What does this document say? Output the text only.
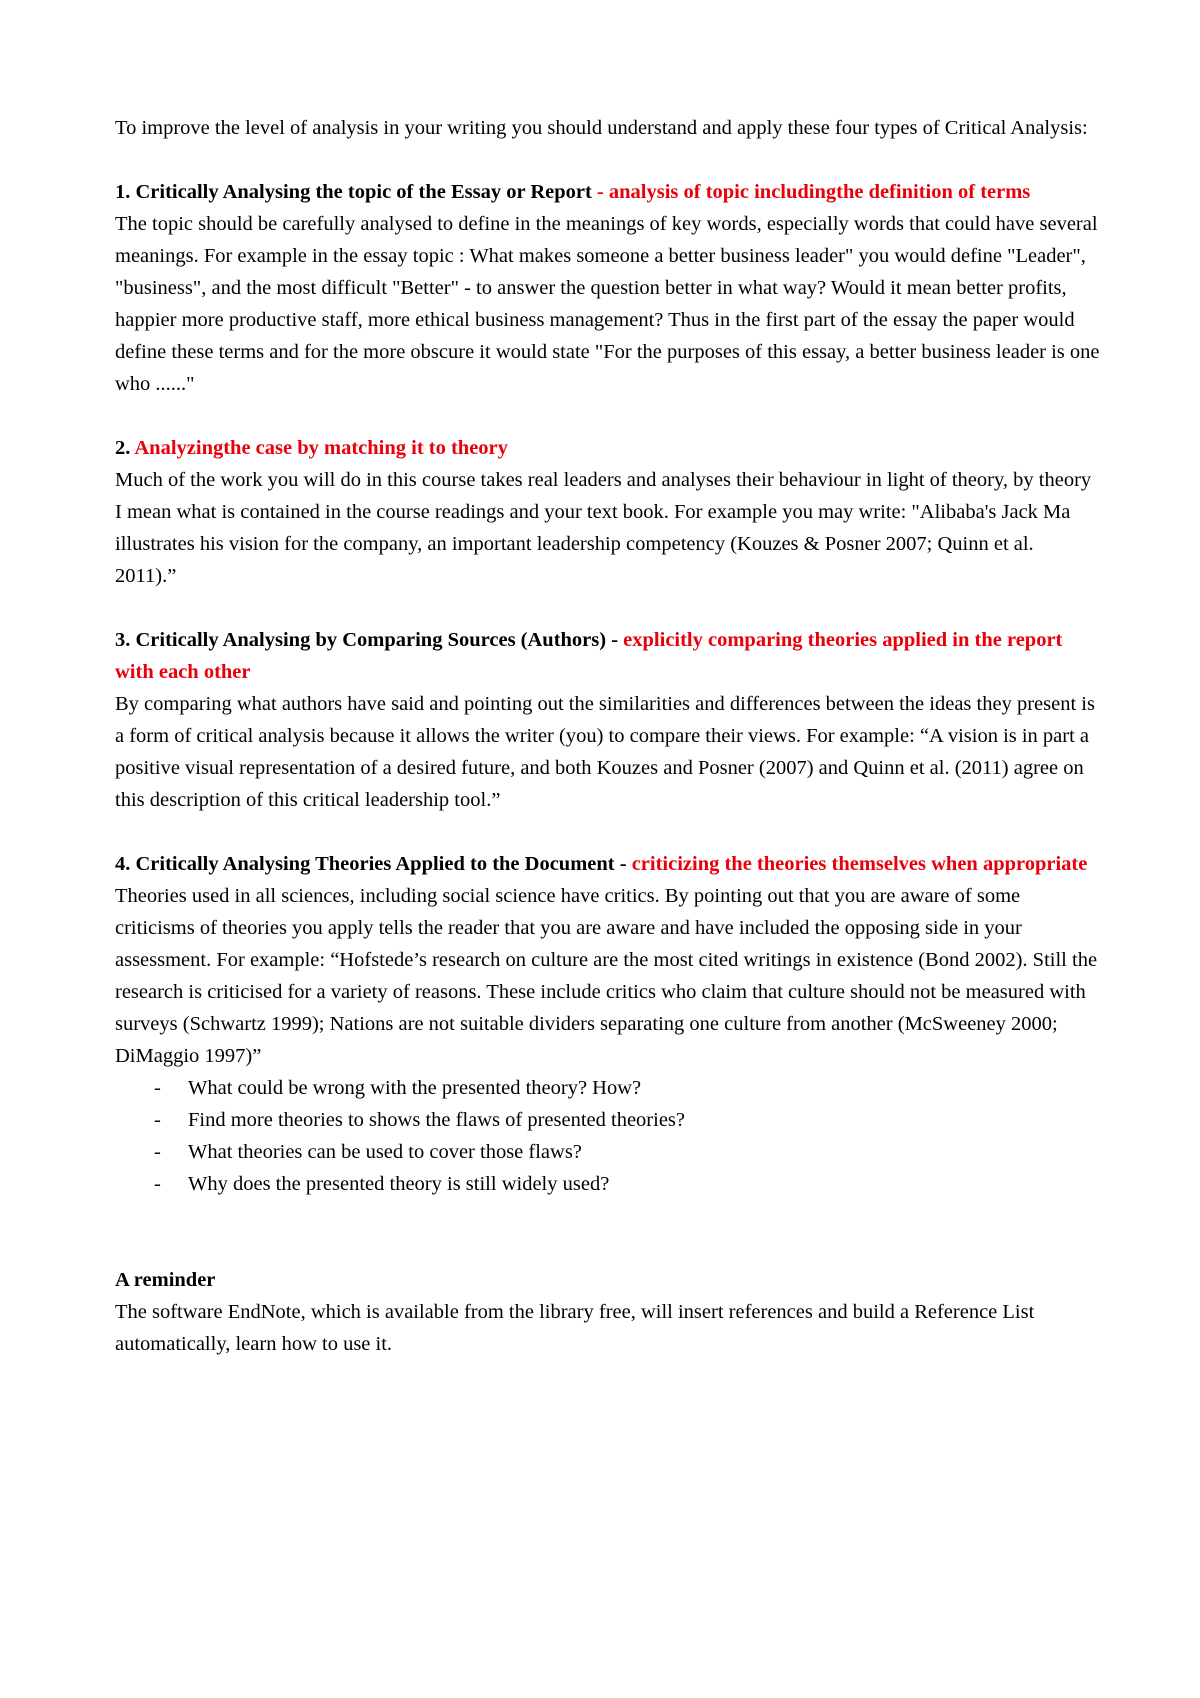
To improve the level of analysis in your writing you should understand and apply these four types of Critical Analysis:

1. Critically Analysing the topic of the Essay or Report - analysis of topic includingthe definition of terms

The topic should be carefully analysed to define in the meanings of key words, especially words that could have several meanings. For example in the essay topic : What makes someone a better business leader" you would define "Leader", "business", and the most difficult "Better" - to answer the question better in what way? Would it mean better profits, happier more productive staff, more ethical business management? Thus in the first part of the essay the paper would define these terms and for the more obscure it would state "For the purposes of this essay, a better business leader is one who ......"

2. Analyzingthe case by matching it to theory

Much of the work you will do in this course takes real leaders and analyses their behaviour in light of theory, by theory I mean what is contained in the course readings and your text book. For example you may write: "Alibaba's Jack Ma illustrates his vision for the company, an important leadership competency (Kouzes & Posner 2007; Quinn et al. 2011).”

3. Critically Analysing by Comparing Sources (Authors) - explicitly comparing theories applied in the report with each other

By comparing what authors have said and pointing out the similarities and differences between the ideas they present is a form of critical analysis because it allows the writer (you) to compare their views. For example: “A vision is in part a positive visual representation of a desired future, and both Kouzes and Posner (2007) and Quinn et al. (2011) agree on this description of this critical leadership tool.”

4. Critically Analysing Theories Applied to the Document - criticizing the theories themselves when appropriate

Theories used in all sciences, including social science have critics. By pointing out that you are aware of some criticisms of theories you apply tells the reader that you are aware and have included the opposing side in your assessment. For example: “Hofstede’s research on culture are the most cited writings in existence (Bond 2002). Still the research is criticised for a variety of reasons. These include critics who claim that culture should not be measured with surveys (Schwartz 1999); Nations are not suitable dividers separating one culture from another (McSweeney 2000; DiMaggio 1997)”

- What could be wrong with the presented theory? How?
- Find more theories to shows the flaws of presented theories?
- What theories can be used to cover those flaws?
- Why does the presented theory is still widely used?

A reminder

The software EndNote, which is available from the library free, will insert references and build a Reference List automatically, learn how to use it.
